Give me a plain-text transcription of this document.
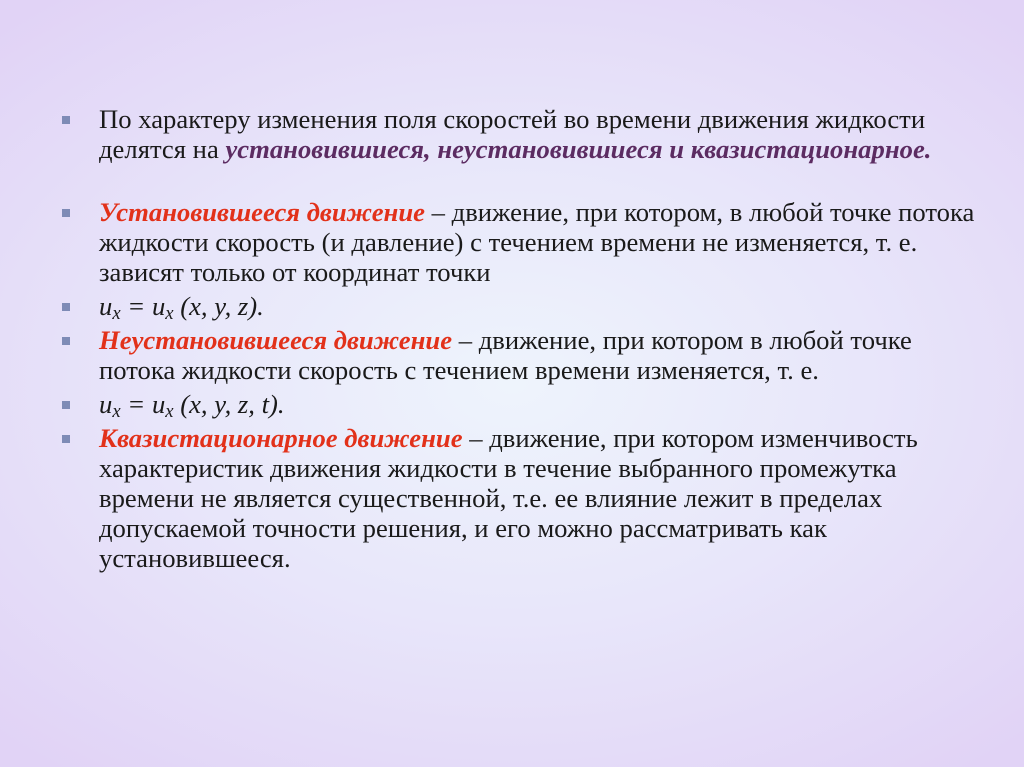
По характеру изменения поля скоростей во времени движения жидкости делятся на установившиеся, неустановившиеся и квазистационарное.
Установившееся движение – движение, при котором, в любой точке потока жидкости скорость (и давление) с течением времени не изменяется, т. е. зависят только от координат точки
$u_x = u_x$ (x, y, z).
Неустановившееся движение – движение, при котором в любой точке потока жидкости скорость с течением времени изменяется, т. е.
$u_x = u_x$ (x, y, z, t).
Квазистационарное движение – движение, при котором изменчивость характеристик движения жидкости в течение выбранного промежутка времени не является существенной, т.е. ее влияние лежит в пределах допускаемой точности решения, и его можно рассматривать как установившееся.
